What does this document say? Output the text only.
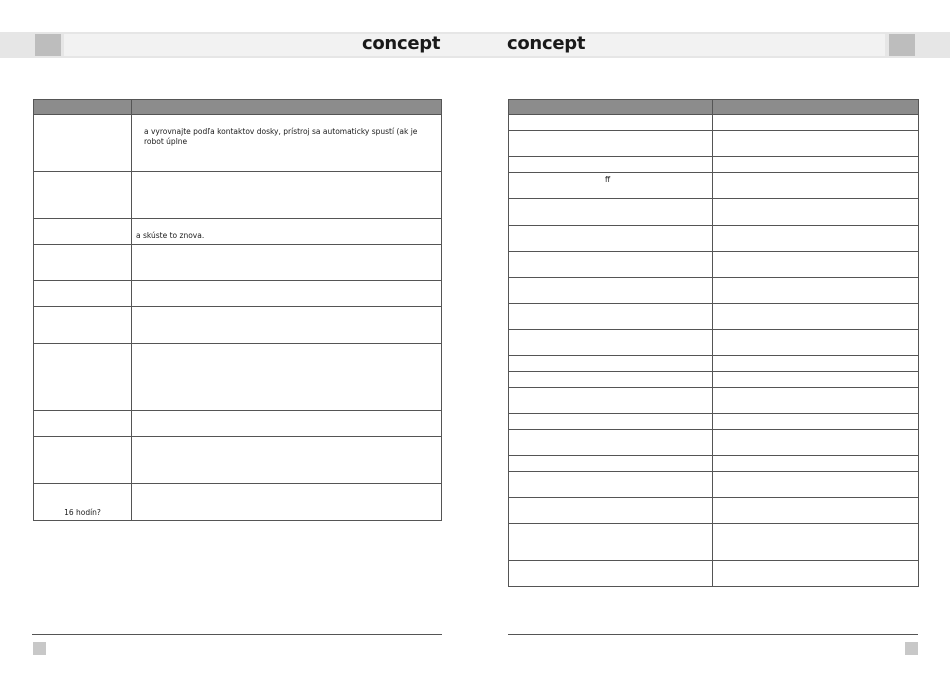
concept	concept

	a vyrovnajte podľa kontaktov dosky, prístroj sa automaticky spustí (ak je robot úplne

	a skúste to znova.

16 hodín?	

ff	
